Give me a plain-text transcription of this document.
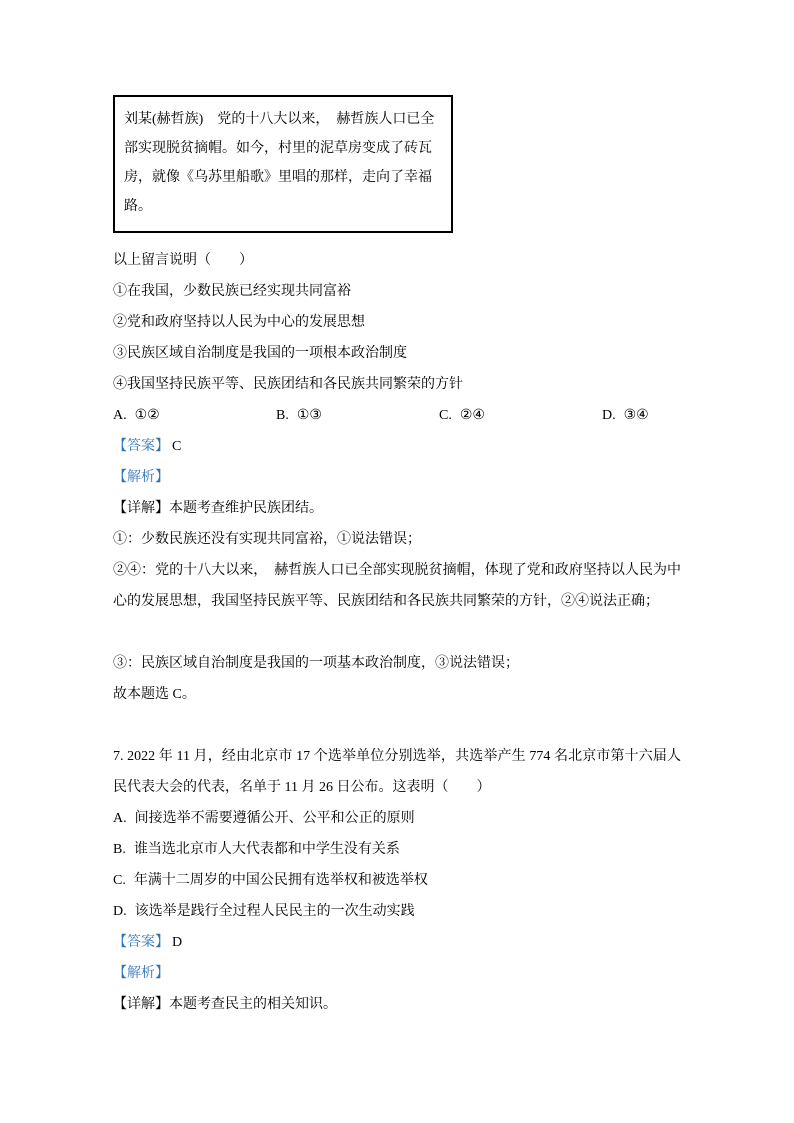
刘某(赫哲族)　党的十八大以来，　赫哲族人口已全
部实现脱贫摘帽。如今，村里的泥草房变成了砖瓦
房，就像《乌苏里船歌》里唱的那样，走向了幸福
路。
以上留言说明（　　）
①在我国，少数民族已经实现共同富裕
②党和政府坚持以人民为中心的发展思想
③民族区域自治制度是我国的一项根本政治制度
④我国坚持民族平等、民族团结和各民族共同繁荣的方针
A. ①②	B. ①③	C. ②④	D. ③④
【答案】 C
【解析】
【详解】本题考查维护民族团结。
①：少数民族还没有实现共同富裕，①说法错误；
②④：党的十八大以来，　赫哲族人口已全部实现脱贫摘帽，体现了党和政府坚持以人民为中心的发展思想，我国坚持民族平等、民族团结和各民族共同繁荣的方针，②④说法正确；
③：民族区域自治制度是我国的一项基本政治制度，③说法错误；
故本题选 C。
7. 2022 年 11 月，经由北京市 17 个选举单位分别选举，共选举产生 774 名北京市第十六届人民代表大会的代表，名单于 11 月 26 日公布。这表明（　　）
A. 间接选举不需要遵循公开、公平和公正的原则
B. 谁当选北京市人大代表都和中学生没有关系
C. 年满十二周岁的中国公民拥有选举权和被选举权
D. 该选举是践行全过程人民民主的一次生动实践
【答案】 D
【解析】
【详解】本题考查民主的相关知识。
